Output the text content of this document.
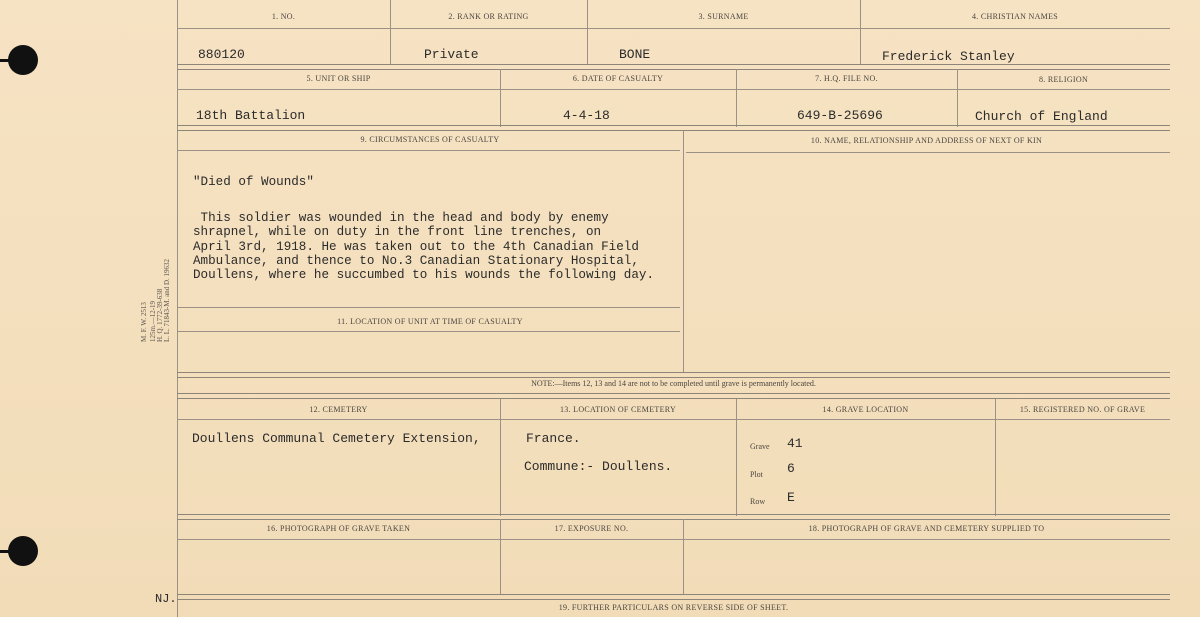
M. F. W. 2513 125m.—12-19 H. Q. 1772-39-638 L. L. 71843-M. and D. 19632
1. NO.	2. RANK OR RATING	3. SURNAME	4. CHRISTIAN NAMES
880120	Private	BONE	Frederick Stanley
5. UNIT OR SHIP	6. DATE OF CASUALTY	7. H.Q. FILE NO.	8. RELIGION
18th Battalion	4-4-18	649-B-25696	Church of England
9. CIRCUMSTANCES OF CASUALTY	10. NAME, RELATIONSHIP AND ADDRESS OF NEXT OF KIN
"Died of Wounds"

This soldier was wounded in the head and body by enemy
shrapnel, while on duty in the front line trenches, on
April 3rd, 1918. He was taken out to the 4th Canadian Field
Ambulance, and thence to No.3 Canadian Stationary Hospital,
Doullens, where he succumbed to his wounds the following day.
11. LOCATION OF UNIT AT TIME OF CASUALTY
NOTE:—Items 12, 13 and 14 are not to be completed until grave is permanently located.
12. CEMETERY	13. LOCATION OF CEMETERY	14. GRAVE LOCATION	15. REGISTERED NO. OF GRAVE
Doullens Communal Cemetery Extension,	France.
Commune:- Doullens.
Grave 41
Plot 6
Row E
16. PHOTOGRAPH OF GRAVE TAKEN	17. EXPOSURE NO.	18. PHOTOGRAPH OF GRAVE AND CEMETERY SUPPLIED TO
19. FURTHER PARTICULARS ON REVERSE SIDE OF SHEET.
NJ.
